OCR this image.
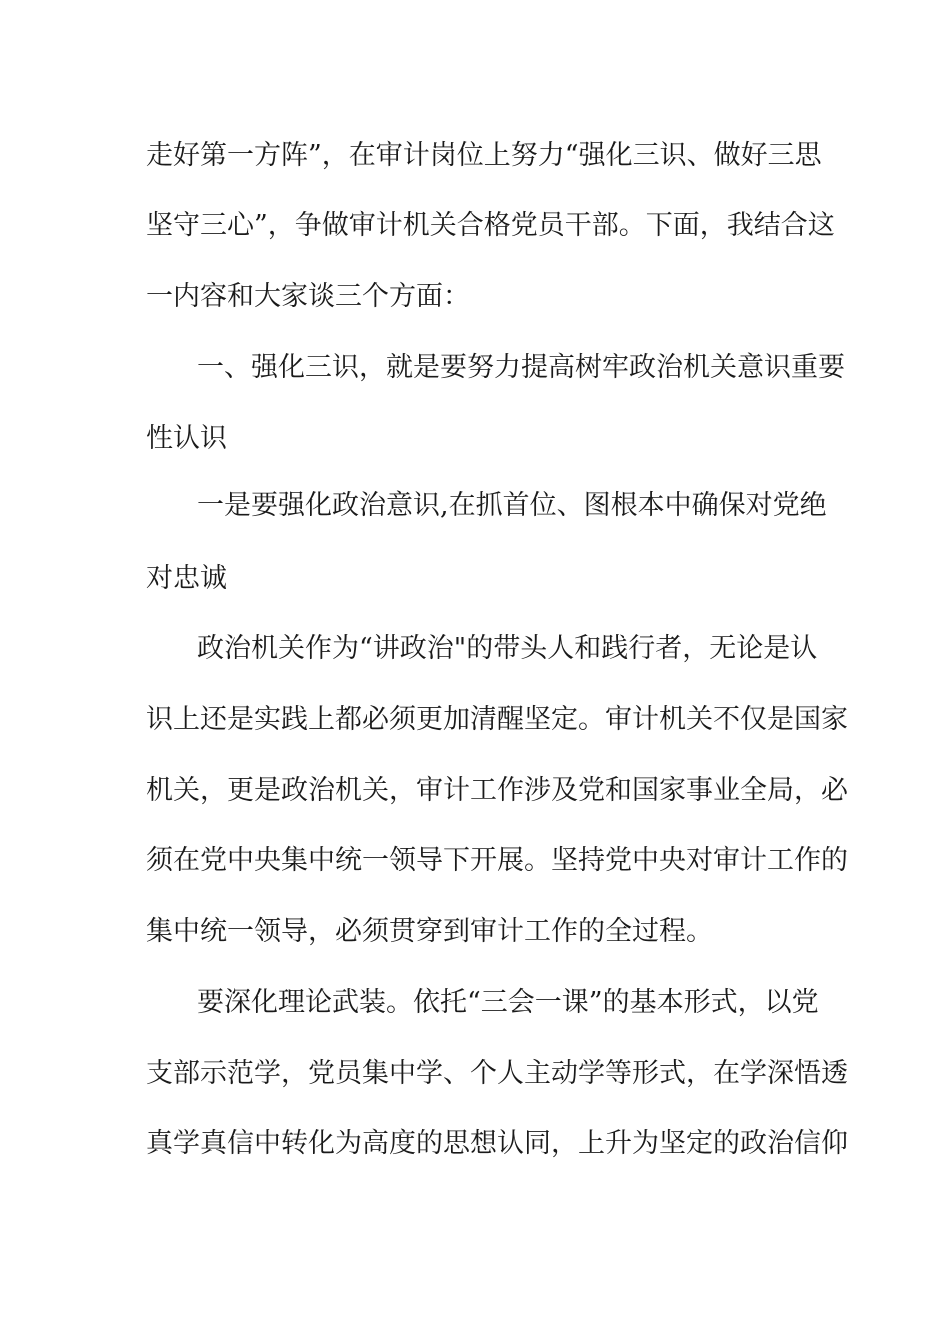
走好第一方阵”，在审计岗位上努力“强化三识、做好三思
坚守三心”，争做审计机关合格党员干部。下面，我结合这
一内容和大家谈三个方面：
一、强化三识，就是要努力提高树牢政治机关意识重要
性认识
一是要强化政治意识,在抓首位、图根本中确保对党绝
对忠诚
政治机关作为“讲政治"的带头人和践行者，无论是认
识上还是实践上都必须更加清醒坚定。审计机关不仅是国家
机关，更是政治机关，审计工作涉及党和国家事业全局，必
须在党中央集中统一领导下开展。坚持党中央对审计工作的
集中统一领导，必须贯穿到审计工作的全过程。
要深化理论武装。依托“三会一课”的基本形式，以党
支部示范学，党员集中学、个人主动学等形式，在学深悟透
真学真信中转化为高度的思想认同，上升为坚定的政治信仰
